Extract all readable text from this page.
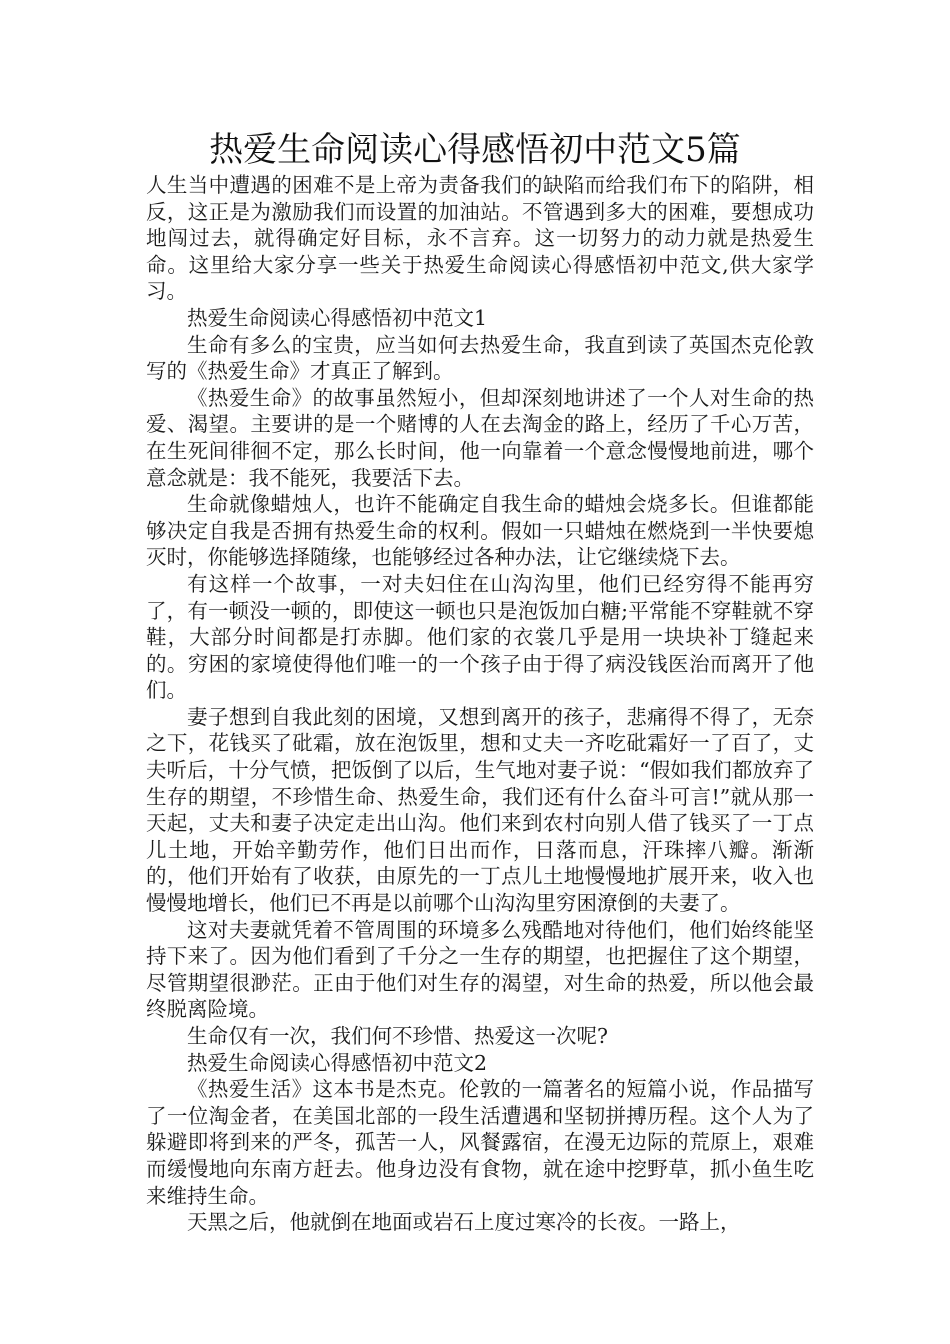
热爱生命阅读心得感悟初中范文5篇

人生当中遭遇的困难不是上帝为责备我们的缺陷而给我们布下的陷阱，相反，这正是为激励我们而设置的加油站。不管遇到多大的困难，要想成功地闯过去，就得确定好目标，永不言弃。这一切努力的动力就是热爱生命。这里给大家分享一些关于热爱生命阅读心得感悟初中范文,供大家学习。

热爱生命阅读心得感悟初中范文1

生命有多么的宝贵，应当如何去热爱生命，我直到读了英国杰克伦敦写的《热爱生命》才真正了解到。

《热爱生命》的故事虽然短小，但却深刻地讲述了一个人对生命的热爱、渴望。主要讲的是一个赌博的人在去淘金的路上，经历了千心万苦，在生死间徘徊不定，那么长时间，他一向靠着一个意念慢慢地前进，哪个意念就是：我不能死，我要活下去。

生命就像蜡烛人，也许不能确定自我生命的蜡烛会烧多长。但谁都能够决定自我是否拥有热爱生命的权利。假如一只蜡烛在燃烧到一半快要熄灭时，你能够选择随缘，也能够经过各种办法，让它继续烧下去。

有这样一个故事，一对夫妇住在山沟沟里，他们已经穷得不能再穷了，有一顿没一顿的，即使这一顿也只是泡饭加白糖;平常能不穿鞋就不穿鞋，大部分时间都是打赤脚。他们家的衣裳几乎是用一块块补丁缝起来的。穷困的家境使得他们唯一的一个孩子由于得了病没钱医治而离开了他们。

妻子想到自我此刻的困境，又想到离开的孩子，悲痛得不得了，无奈之下，花钱买了砒霜，放在泡饭里，想和丈夫一齐吃砒霜好一了百了，丈夫听后，十分气愤，把饭倒了以后，生气地对妻子说：“假如我们都放弃了生存的期望，不珍惜生命、热爱生命，我们还有什么奋斗可言!”就从那一天起，丈夫和妻子决定走出山沟。他们来到农村向别人借了钱买了一丁点儿土地，开始辛勤劳作，他们日出而作，日落而息，汗珠摔八瓣。渐渐的，他们开始有了收获，由原先的一丁点儿土地慢慢地扩展开来，收入也慢慢地增长，他们已不再是以前哪个山沟沟里穷困潦倒的夫妻了。

这对夫妻就凭着不管周围的环境多么残酷地对待他们，他们始终能坚持下来了。因为他们看到了千分之一生存的期望，也把握住了这个期望，尽管期望很渺茫。正由于他们对生存的渴望，对生命的热爱，所以他会最终脱离险境。

生命仅有一次，我们何不珍惜、热爱这一次呢?

热爱生命阅读心得感悟初中范文2

《热爱生活》这本书是杰克。伦敦的一篇著名的短篇小说，作品描写了一位淘金者，在美国北部的一段生活遭遇和坚韧拼搏历程。这个人为了躲避即将到来的严冬，孤苦一人，风餐露宿，在漫无边际的荒原上，艰难而缓慢地向东南方赶去。他身边没有食物，就在途中挖野草，抓小鱼生吃来维持生命。

天黑之后，他就倒在地面或岩石上度过寒冷的长夜。一路上，
